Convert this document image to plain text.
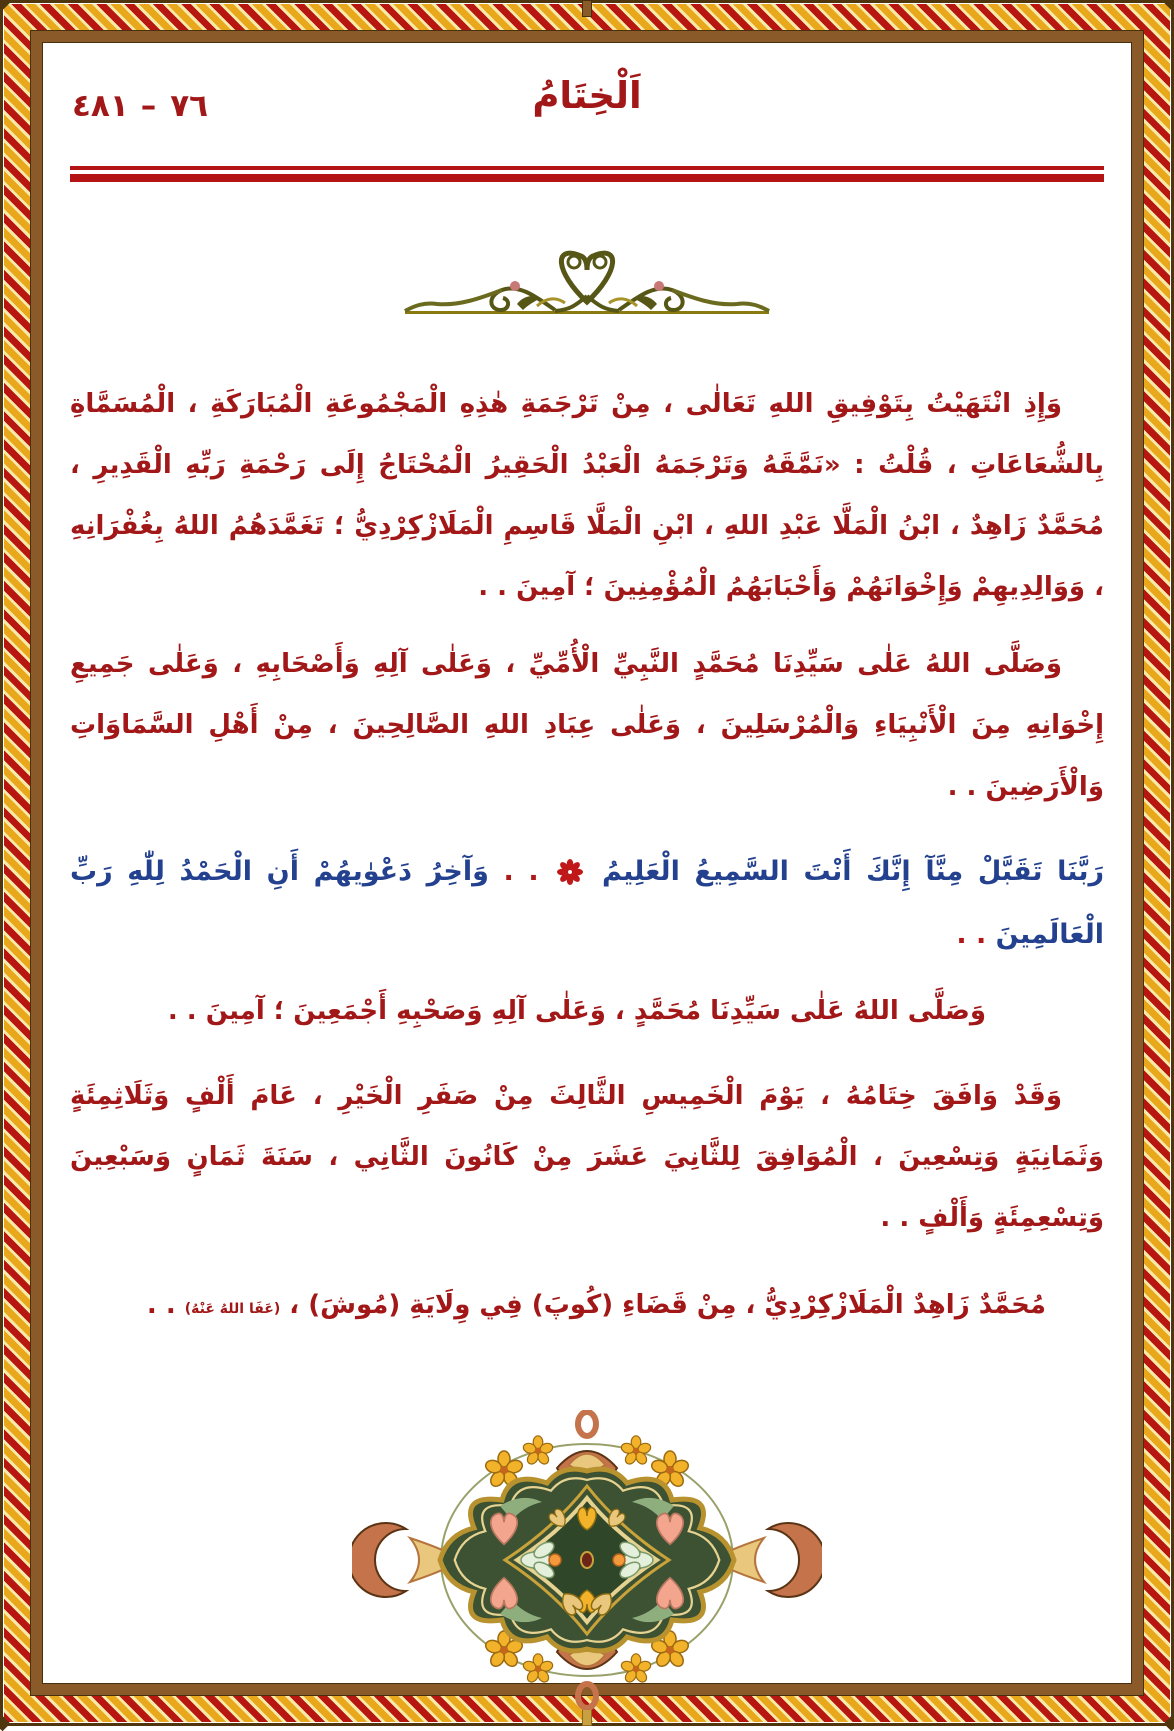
٤٨١ – ٧٦	اَلْخِتَامُ

وَإِذِ انْتَهَيْتُ بِتَوْفِيقِ اللهِ تَعَالٰى ، مِنْ تَرْجَمَةِ هٰذِهِ الْمَجْمُوعَةِ الْمُبَارَكَةِ ، الْمُسَمَّاةِ بِالشُّعَاعَاتِ ، قُلْتُ : «نَمَّقَهُ وَتَرْجَمَهُ الْعَبْدُ الْحَقِيرُ الْمُحْتَاجُ إِلَى رَحْمَةِ رَبِّهِ الْقَدِيرِ ، مُحَمَّدٌ زَاهِدٌ ، ابْنُ الْمَلَّا عَبْدِ اللهِ ، ابْنِ الْمَلَّا قَاسِمِ الْمَلَازْكِرْدِيُّ ؛ تَغَمَّدَهُمُ اللهُ بِغُفْرَانِهِ ، وَوَالِدِيهِمْ وَإِخْوَانَهُمْ وَأَحْبَابَهُمُ الْمُؤْمِنِينَ ؛ آمِينَ . .

وَصَلَّى اللهُ عَلٰى سَيِّدِنَا مُحَمَّدٍ النَّبِيِّ الْأُمِّيِّ ، وَعَلٰى آلِهِ وَأَصْحَابِهِ ، وَعَلٰى جَمِيعِ إِخْوَانِهِ مِنَ الْأَنْبِيَاءِ وَالْمُرْسَلِينَ ، وَعَلٰى عِبَادِ اللهِ الصَّالِحِينَ ، مِنْ أَهْلِ السَّمَاوَاتِ وَالْأَرَضِينَ . .

رَبَّنَا تَقَبَّلْ مِنَّآ إِنَّكَ أَنْتَ السَّمِيعُ الْعَلِيمُ  . . وَآخِرُ دَعْوٰيهُمْ أَنِ الْحَمْدُ لِلّٰهِ رَبِّ الْعَالَمِينَ . .

وَصَلَّى اللهُ عَلٰى سَيِّدِنَا مُحَمَّدٍ ، وَعَلٰى آلِهِ وَصَحْبِهِ أَجْمَعِينَ ؛ آمِينَ . .

وَقَدْ وَافَقَ خِتَامُهُ ، يَوْمَ الْخَمِيسِ الثَّالِثَ مِنْ صَفَرِ الْخَيْرِ ، عَامَ أَلْفٍ وَثَلَاثِمِئَةٍ وَثَمَانِيَةٍ وَتِسْعِينَ ، الْمُوَافِقَ لِلثَّانِيَ عَشَرَ مِنْ كَانُونَ الثَّانِي ، سَنَةَ ثَمَانٍ وَسَبْعِينَ وَتِسْعِمِئَةٍ وَأَلْفٍ . .

مُحَمَّدٌ زَاهِدٌ الْمَلَازْكِرْدِيُّ ، مِنْ قَضَاءِ (كُوپَ) فِي وِلَايَةِ (مُوشَ) ، (عَفَا اللهُ عَنْهُ) . .
